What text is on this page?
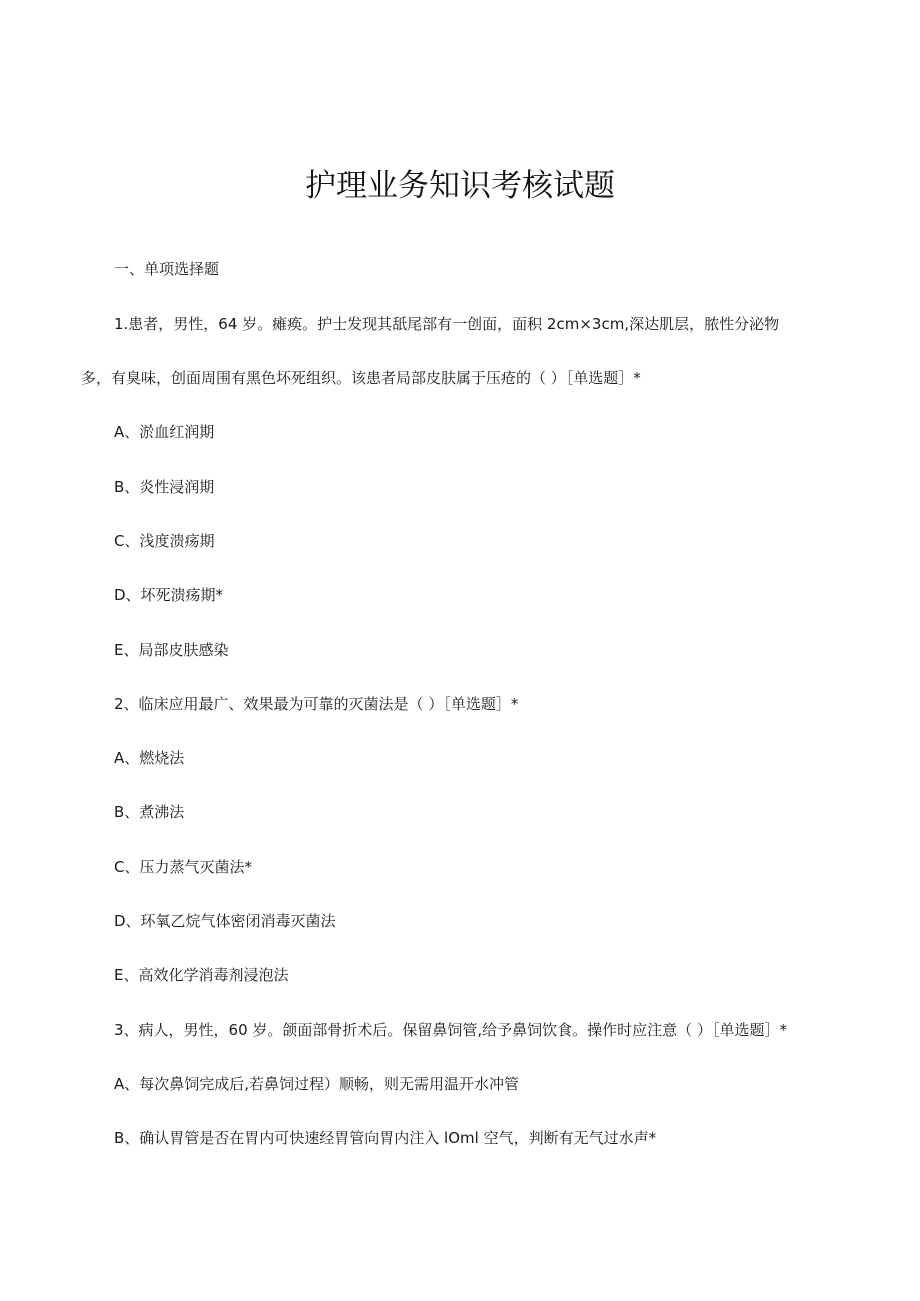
护理业务知识考核试题

一、单项选择题

1.患者，男性，64 岁。瘫痪。护士发现其舐尾部有一创面，面积 2cm×3cm,深达肌层，脓性分泌物

多，有臭味，创面周围有黑色坏死组织。该患者局部皮肤属于压疮的（ ）［单选题］*

A、淤血红润期

B、炎性浸润期

C、浅度溃疡期

D、坏死溃疡期*

E、局部皮肤感染

2、临床应用最广、效果最为可靠的灭菌法是（ ）［单选题］*

A、燃烧法

B、煮沸法

C、压力蒸气灭菌法*

D、环氧乙烷气体密闭消毒灭菌法

E、高效化学消毒剂浸泡法

3、病人，男性，60 岁。颌面部骨折术后。保留鼻饲管,给予鼻饲饮食。操作时应注意（ ）［单选题］*

A、每次鼻饲完成后,若鼻饲过程）顺畅，则无需用温开水冲管

B、确认胃管是否在胃内可快速经胃管向胃内注入 lOml 空气，判断有无气过水声*
